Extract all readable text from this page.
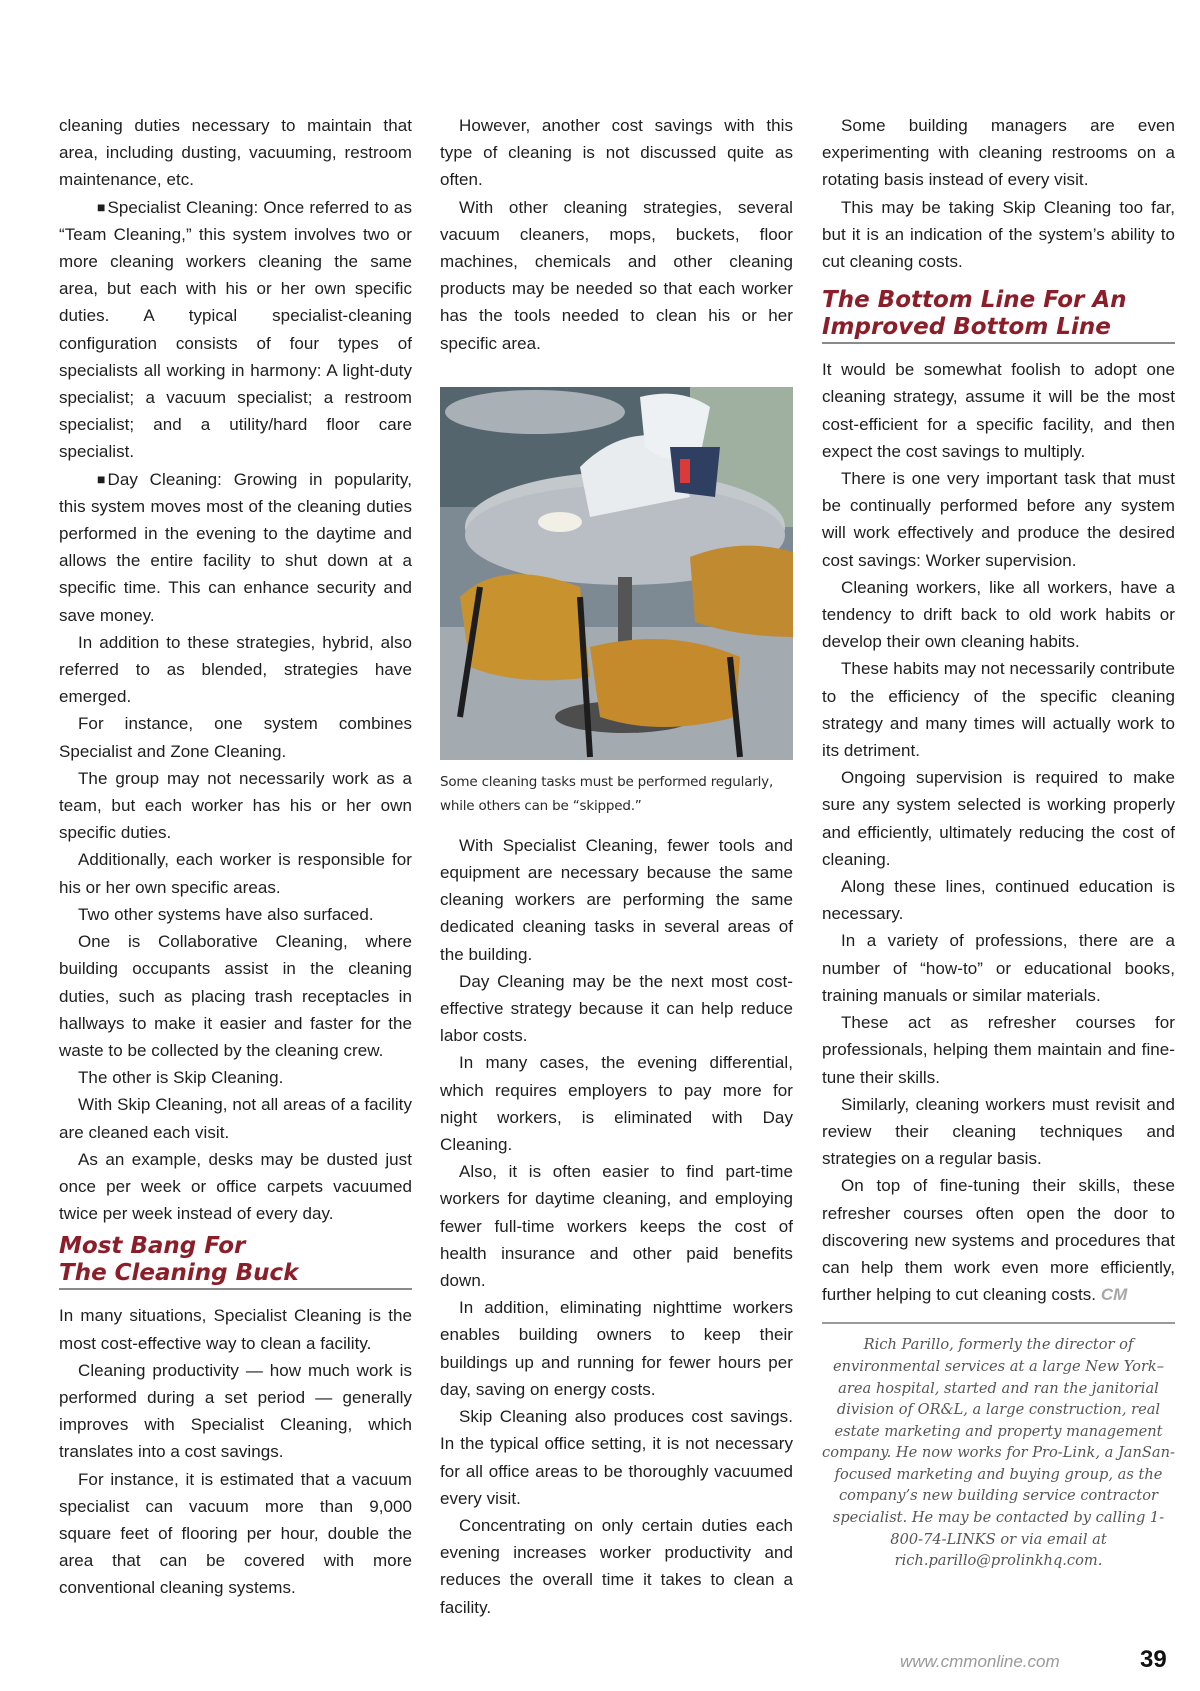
cleaning duties necessary to maintain that area, including dusting, vacuuming, restroom maintenance, etc.

■ Specialist Cleaning: Once referred to as “Team Cleaning,” this system involves two or more cleaning workers cleaning the same area, but each with his or her own specific duties. A typical specialist-cleaning configuration consists of four types of specialists all working in harmony: A light-duty specialist; a vacuum specialist; a restroom specialist; and a utility/hard floor care specialist.

■ Day Cleaning: Growing in popularity, this system moves most of the cleaning duties performed in the evening to the daytime and allows the entire facility to shut down at a specific time. This can enhance security and save money.

In addition to these strategies, hybrid, also referred to as blended, strategies have emerged.

For instance, one system combines Specialist and Zone Cleaning.

The group may not necessarily work as a team, but each worker has his or her own specific duties.

Additionally, each worker is responsible for his or her own specific areas.

Two other systems have also surfaced.

One is Collaborative Cleaning, where building occupants assist in the cleaning duties, such as placing trash receptacles in hallways to make it easier and faster for the waste to be collected by the cleaning crew.

The other is Skip Cleaning.

With Skip Cleaning, not all areas of a facility are cleaned each visit.

As an example, desks may be dusted just once per week or office carpets vacuumed twice per week instead of every day.

Most Bang For
The Cleaning Buck

In many situations, Specialist Cleaning is the most cost-effective way to clean a facility.

Cleaning productivity — how much work is performed during a set period — generally improves with Specialist Cleaning, which translates into a cost savings.

For instance, it is estimated that a vacuum specialist can vacuum more than 9,000 square feet of flooring per hour, double the area that can be covered with more conventional cleaning systems.

However, another cost savings with this type of cleaning is not discussed quite as often.

With other cleaning strategies, several vacuum cleaners, mops, buckets, floor machines, chemicals and other cleaning products may be needed so that each worker has the tools needed to clean his or her specific area.

Some cleaning tasks must be performed regularly, while others can be “skipped.”

With Specialist Cleaning, fewer tools and equipment are necessary because the same cleaning workers are performing the same dedicated cleaning tasks in several areas of the building.

Day Cleaning may be the next most cost-effective strategy because it can help reduce labor costs.

In many cases, the evening differential, which requires employers to pay more for night workers, is eliminated with Day Cleaning.

Also, it is often easier to find part-time workers for daytime cleaning, and employing fewer full-time workers keeps the cost of health insurance and other paid benefits down.

In addition, eliminating nighttime workers enables building owners to keep their buildings up and running for fewer hours per day, saving on energy costs.

Skip Cleaning also produces cost savings. In the typical office setting, it is not necessary for all office areas to be thoroughly vacuumed every visit.

Concentrating on only certain duties each evening increases worker productivity and reduces the overall time it takes to clean a facility.

Some building managers are even experimenting with cleaning restrooms on a rotating basis instead of every visit.

This may be taking Skip Cleaning too far, but it is an indication of the system’s ability to cut cleaning costs.

The Bottom Line For An
Improved Bottom Line

It would be somewhat foolish to adopt one cleaning strategy, assume it will be the most cost-efficient for a specific facility, and then expect the cost savings to multiply.

There is one very important task that must be continually performed before any system will work effectively and produce the desired cost savings: Worker supervision.

Cleaning workers, like all workers, have a tendency to drift back to old work habits or develop their own cleaning habits.

These habits may not necessarily contribute to the efficiency of the specific cleaning strategy and many times will actually work to its detriment.

Ongoing supervision is required to make sure any system selected is working properly and efficiently, ultimately reducing the cost of cleaning.

Along these lines, continued education is necessary.

In a variety of professions, there are a number of “how-to” or educational books, training manuals or similar materials.

These act as refresher courses for professionals, helping them maintain and fine-tune their skills.

Similarly, cleaning workers must revisit and review their cleaning techniques and strategies on a regular basis.

On top of fine-tuning their skills, these refresher courses often open the door to discovering new systems and procedures that can help them work even more efficiently, further helping to cut cleaning costs. CM

Rich Parillo, formerly the director of environmental services at a large New York–area hospital, started and ran the janitorial division of OR&L, a large construction, real estate marketing and property management company. He now works for Pro-Link, a JanSan-focused marketing and buying group, as the company’s new building service contractor specialist. He may be contacted by calling 1-800-74-LINKS or via email at rich.parillo@prolinkhq.com.
www.cmmonline.com	39
